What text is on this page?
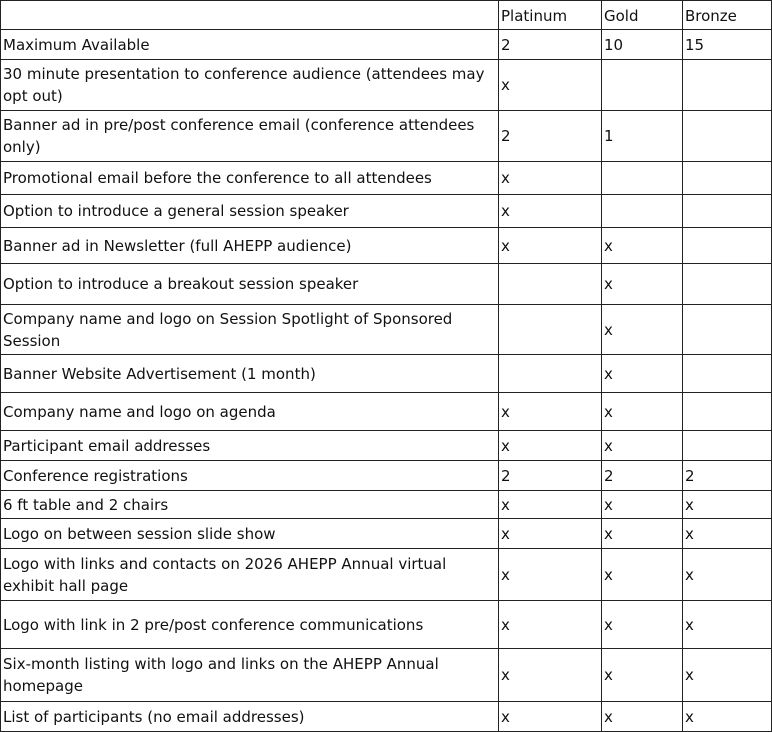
	Platinum	Gold	Bronze
Maximum Available	2	10	15
30 minute presentation to conference audience (attendees may opt out)	x		
Banner ad in pre/post conference email (conference attendees only)	2	1	
Promotional email before the conference to all attendees	x		
Option to introduce a general session speaker	x		
Banner ad in Newsletter (full AHEPP audience)	x	x	
Option to introduce a breakout session speaker		x	
Company name and logo on Session Spotlight of Sponsored Session		x	
Banner Website Advertisement (1 month)		x	
Company name and logo on agenda	x	x	
Participant email addresses	x	x	
Conference registrations	2	2	2
6 ft table and 2 chairs	x	x	x
Logo on between session slide show	x	x	x
Logo with links and contacts on 2026 AHEPP Annual virtual exhibit hall page	x	x	x
Logo with link in 2 pre/post conference communications	x	x	x
Six-month listing with logo and links on the AHEPP Annual homepage	x	x	x
List of participants (no email addresses)	x	x	x
